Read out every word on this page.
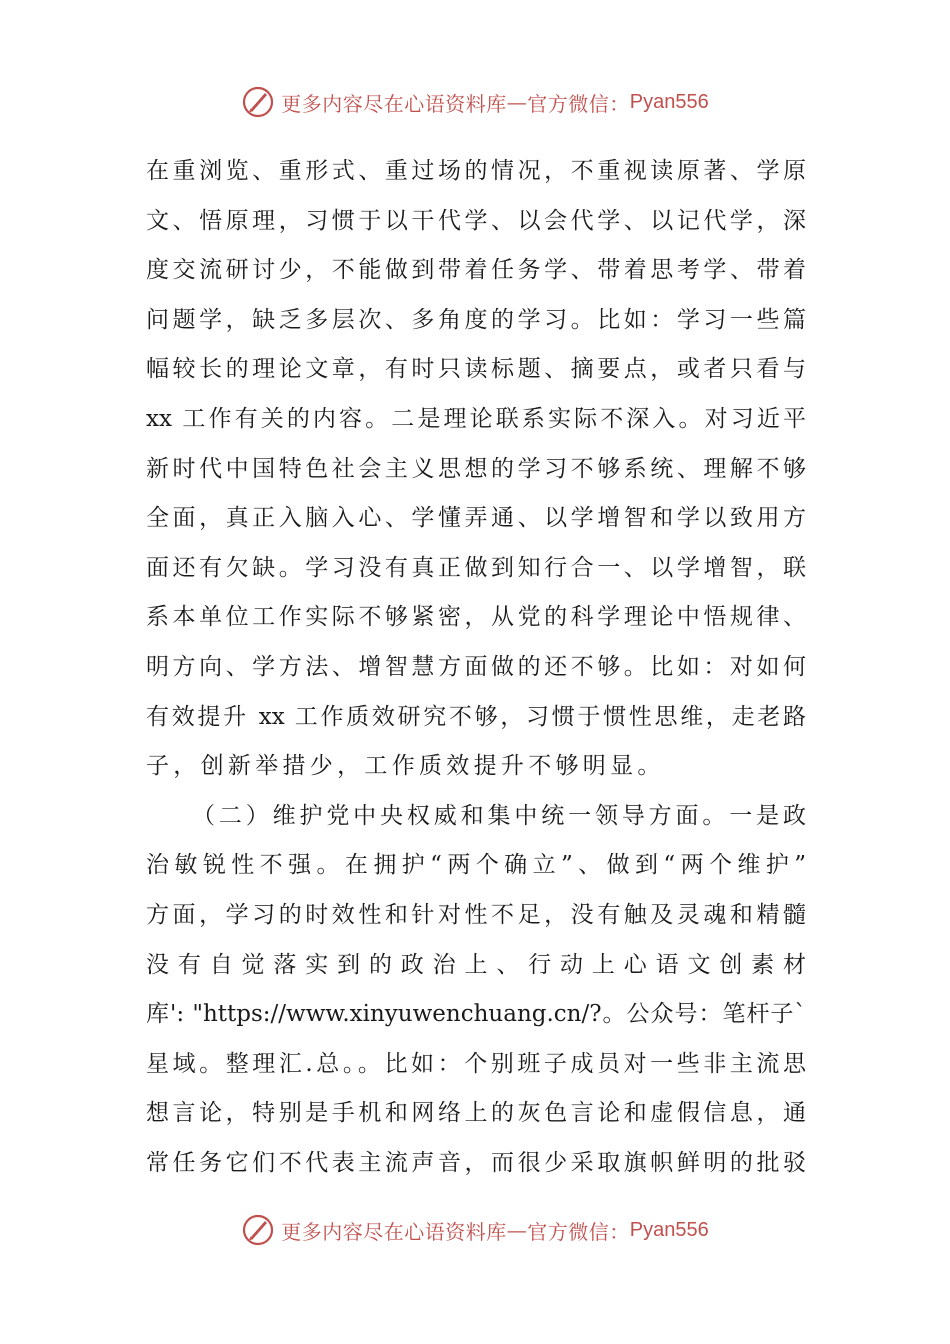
更多内容尽在心语资料库 — 官方微信： Pyan556
在重浏览、重形式、重过场的情况，不重视读原著、学原
文、悟原理，习惯于以干代学、以会代学、以记代学，深
度交流研讨少，不能做到带着任务学、带着思考学、带着
问题学，缺乏多层次、多角度的学习。比如：学习一些篇
幅较长的理论文章，有时只读标题、摘要点，或者只看与
xx 工作有关的内容。二是理论联系实际不深入。对习近平
新时代中国特色社会主义思想的学习不够系统、理解不够
全面，真正入脑入心、学懂弄通、以学增智和学以致用方
面还有欠缺。学习没有真正做到知行合一、以学增智，联
系本单位工作实际不够紧密，从党的科学理论中悟规律、
明方向、学方法、增智慧方面做的还不够。比如：对如何
有效提升 xx 工作质效研究不够，习惯于惯性思维，走老路
子，创新举措少，工作质效提升不够明显。
（二）维护党中央权威和集中统一领导方面。一是政
治敏锐性不强。在拥护“两个确立”、做到“两个维护”
方面，学习的时效性和针对性不足，没有触及灵魂和精髓
没有自觉落实到的政治上、行动上心语文创素材
库': "https://www.xinyuwenchuang.cn/?。公众号：笔杆子`
星域。整理汇.总。。比如：个别班子成员对一些非主流思
想言论，特别是手机和网络上的灰色言论和虚假信息，通
常任务它们不代表主流声音，而很少采取旗帜鲜明的批驳
更多内容尽在心语资料库 — 官方微信： Pyan556
